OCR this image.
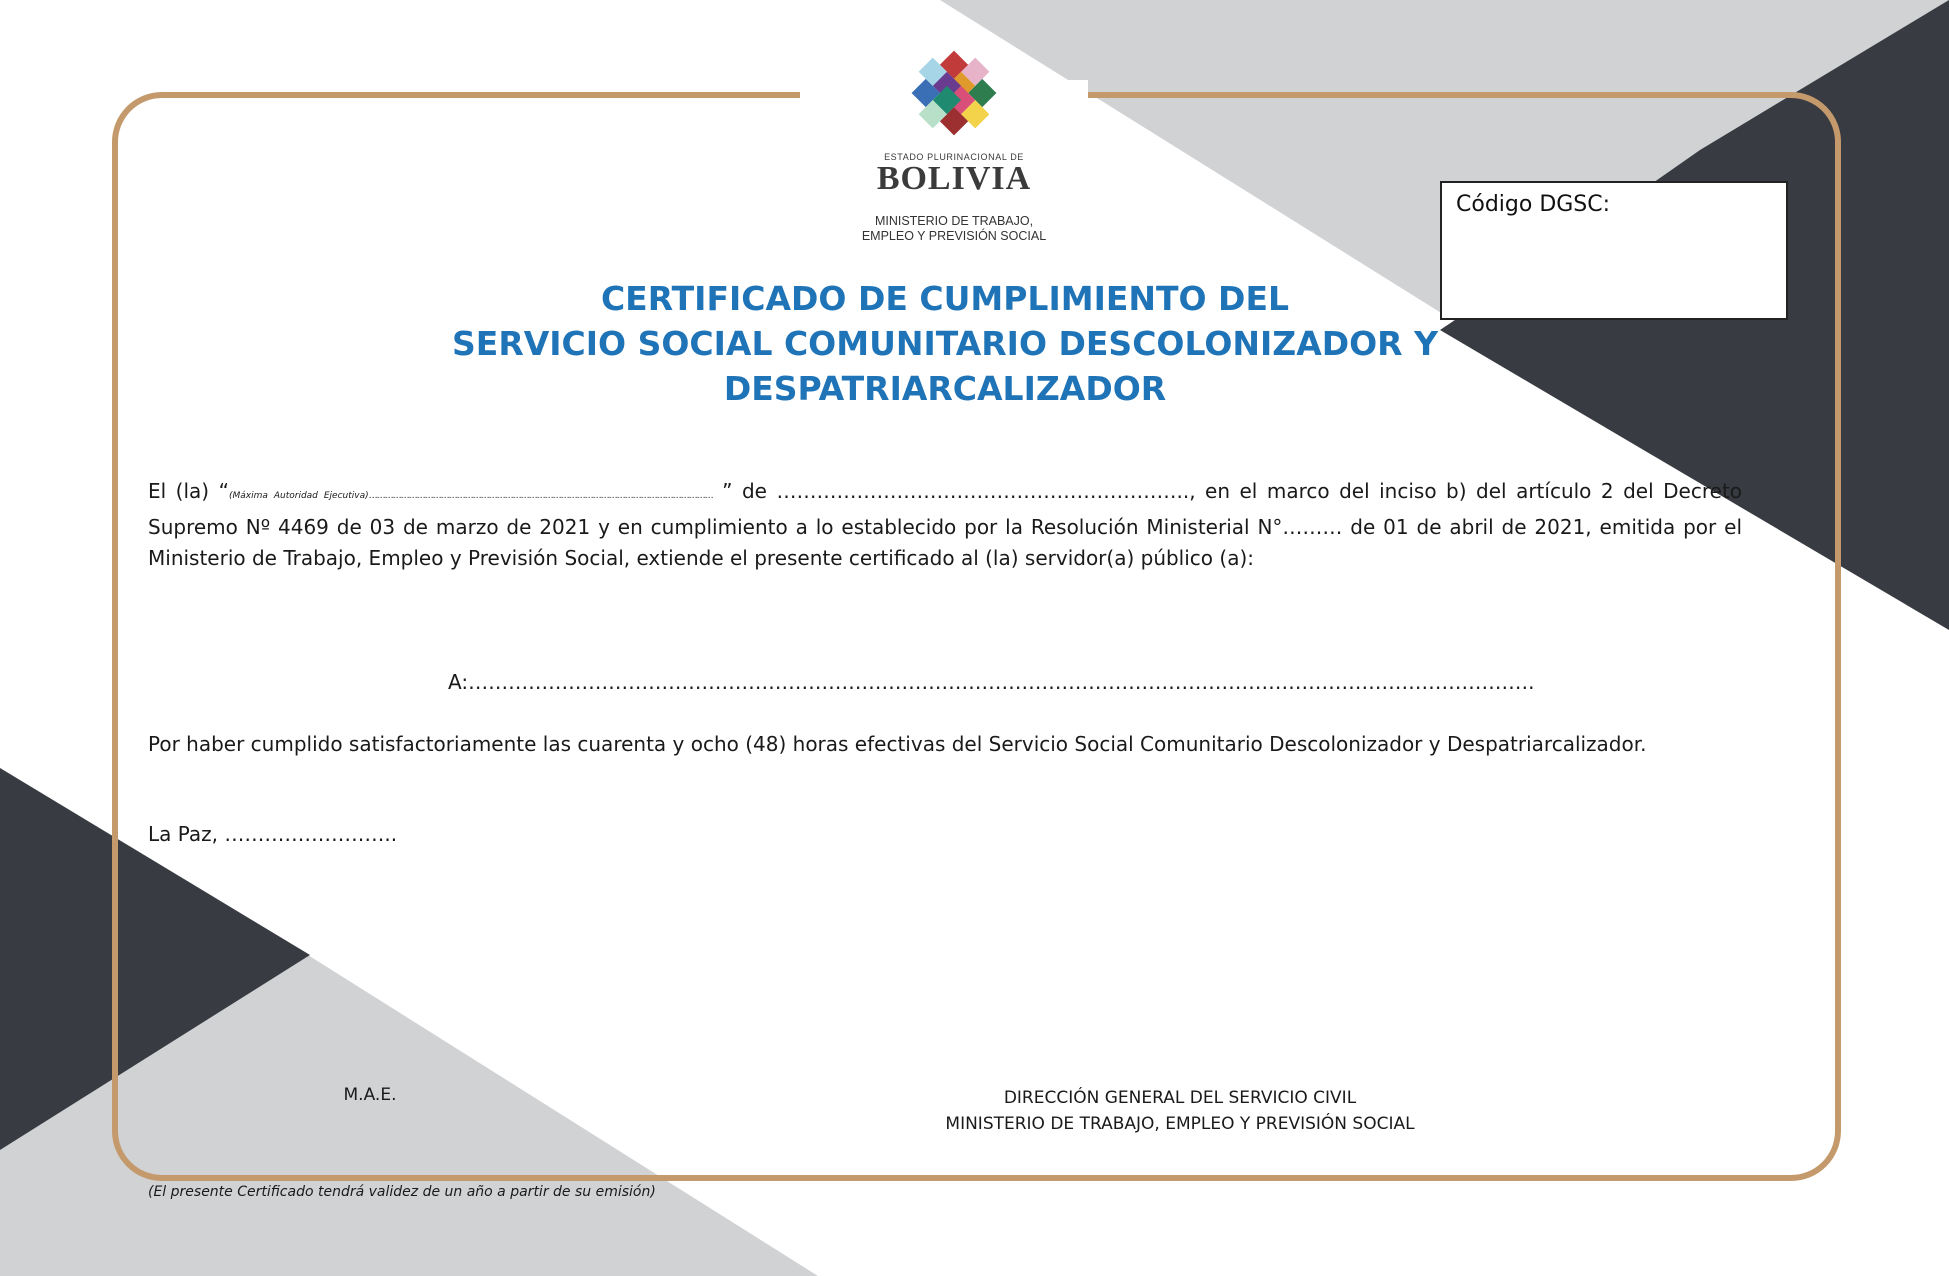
ESTADO PLURINACIONAL DE
BOLIVIA
MINISTERIO DE TRABAJO,
EMPLEO Y PREVISIÓN SOCIAL
Código DGSC:
CERTIFICADO DE CUMPLIMIENTO DEL
SERVICIO SOCIAL COMUNITARIO DESCOLONIZADOR Y
DESPATRIARCALIZADOR
El (la) “(Máxima Autoridad Ejecutiva)………………………………………………………………………………………………………………… ” de …………………………………………………….., en el marco del inciso b) del artículo 2 del Decreto Supremo Nº 4469 de 03 de marzo de 2021 y en cumplimiento a lo establecido por la Resolución Ministerial N°……… de 01 de abril de 2021, emitida por el Ministerio de Trabajo, Empleo y Previsión Social, extiende el presente certificado al (la) servidor(a) público (a):
A:…………………………………………………………………………………………………………………………………………….
Por haber cumplido satisfactoriamente las cuarenta y ocho (48) horas efectivas del Servicio Social Comunitario Descolonizador y Despatriarcalizador.
La Paz, ……………………..
M.A.E.	DIRECCIÓN GENERAL DEL SERVICIO CIVIL
MINISTERIO DE TRABAJO, EMPLEO Y PREVISIÓN SOCIAL
(El presente Certificado tendrá validez de un año a partir de su emisión)
